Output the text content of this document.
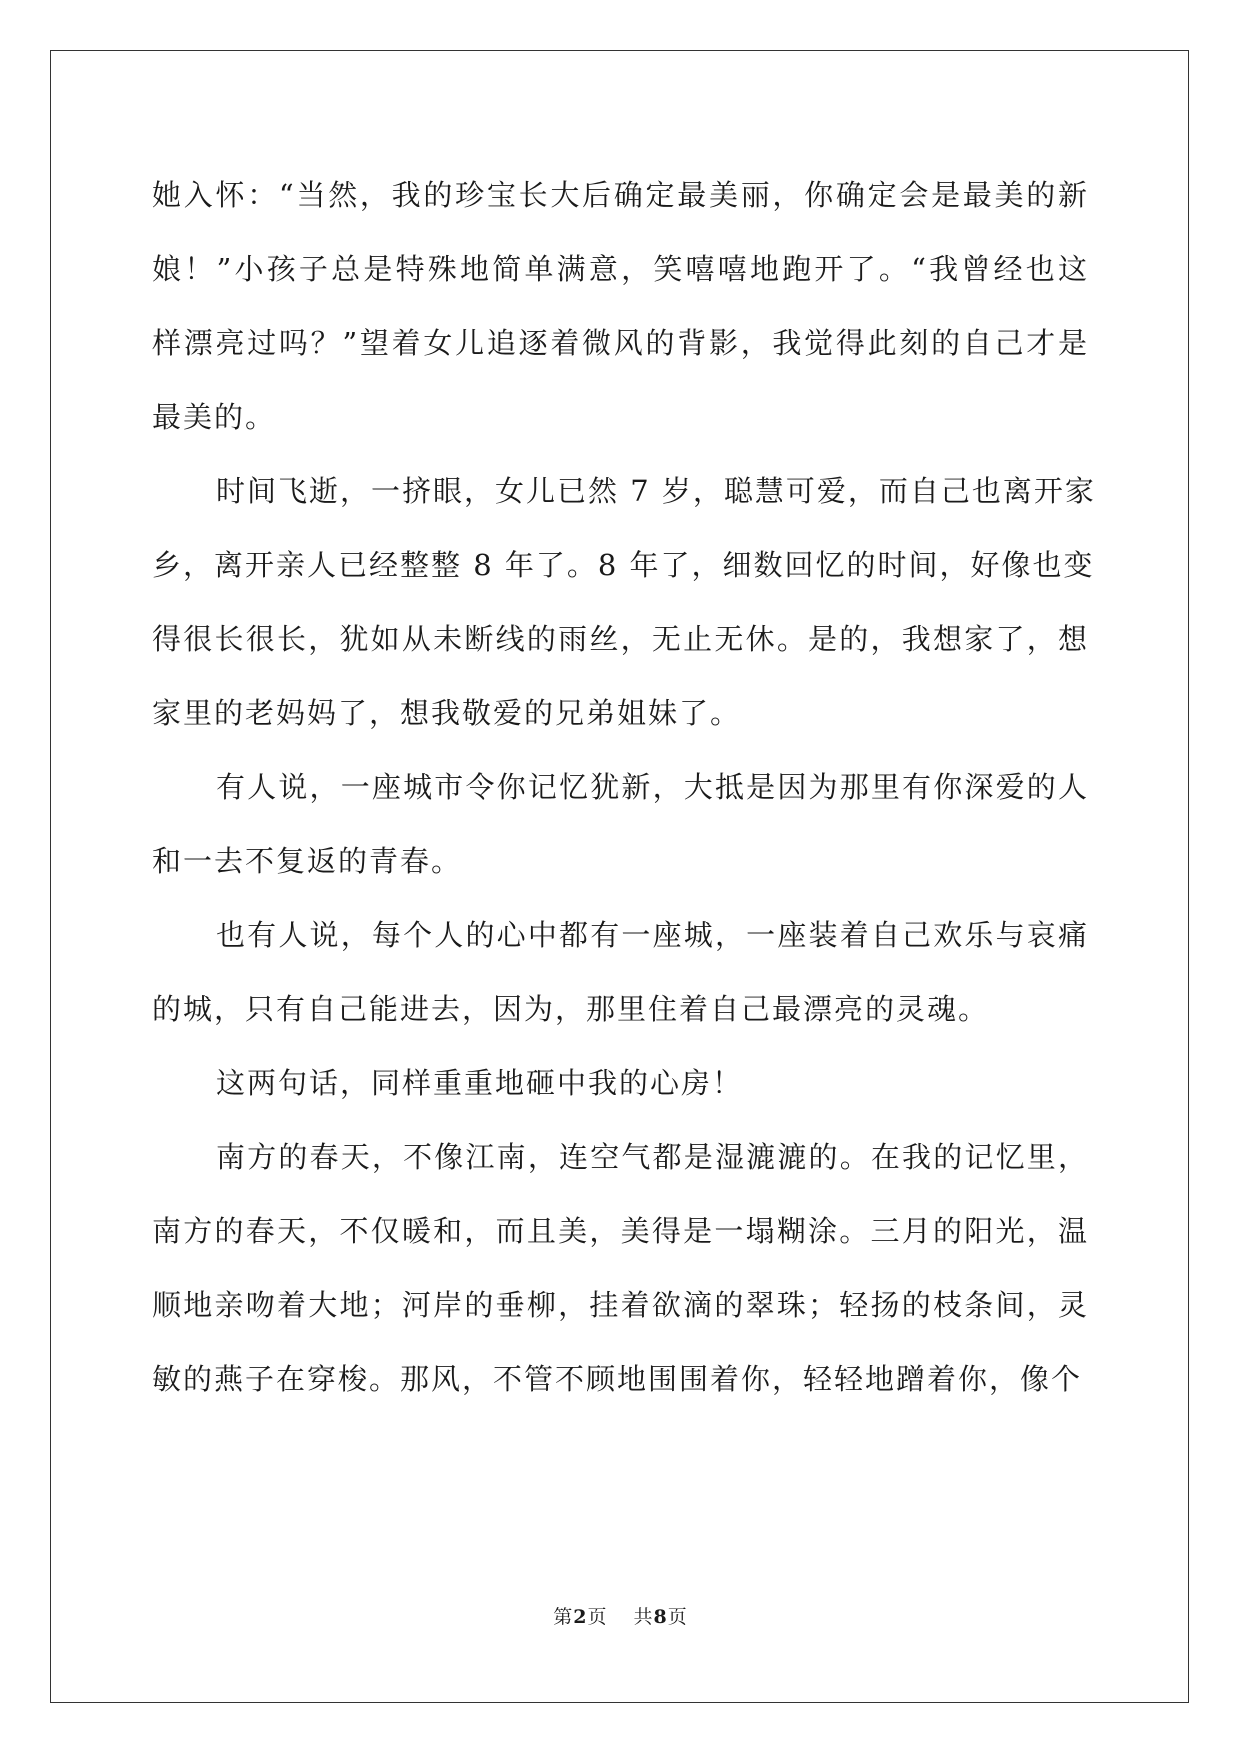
她入怀：“当然，我的珍宝长大后确定最美丽，你确定会是最美的新
娘！”小孩子总是特殊地简单满意，笑嘻嘻地跑开了。“我曾经也这
样漂亮过吗？”望着女儿追逐着微风的背影，我觉得此刻的自己才是
最美的。
时间飞逝，一挤眼，女儿已然 7 岁，聪慧可爱，而自己也离开家
乡，离开亲人已经整整 8 年了。8 年了，细数回忆的时间，好像也变
得很长很长，犹如从未断线的雨丝，无止无休。是的，我想家了，想
家里的老妈妈了，想我敬爱的兄弟姐妹了。
有人说，一座城市令你记忆犹新，大抵是因为那里有你深爱的人
和一去不复返的青春。
也有人说，每个人的心中都有一座城，一座装着自己欢乐与哀痛
的城，只有自己能进去，因为，那里住着自己最漂亮的灵魂。
这两句话，同样重重地砸中我的心房！
南方的春天，不像江南，连空气都是湿漉漉的。在我的记忆里，
南方的春天，不仅暖和，而且美，美得是一塌糊涂。三月的阳光，温
顺地亲吻着大地；河岸的垂柳，挂着欲滴的翠珠；轻扬的枝条间，灵
敏的燕子在穿梭。那风，不管不顾地围围着你，轻轻地蹭着你，像个
第2页 共8页
